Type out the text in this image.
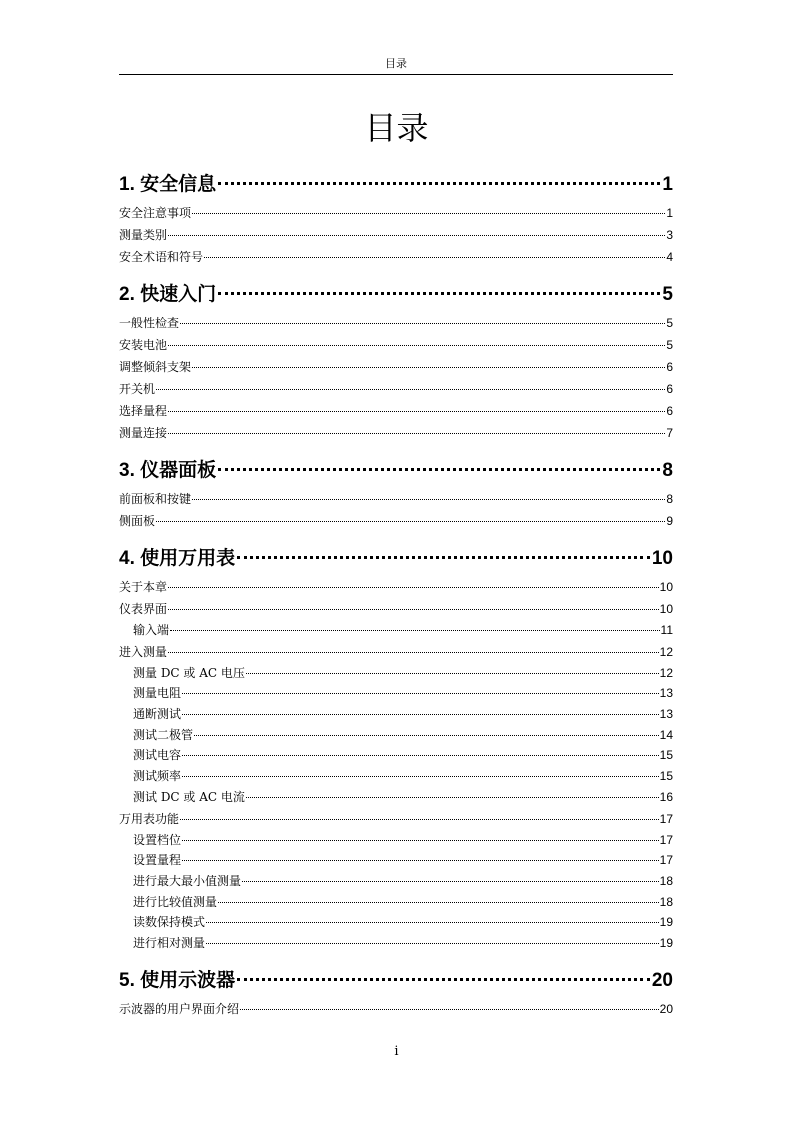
目录
目录
1. 安全信息	1
安全注意事项	1
测量类别	3
安全术语和符号	4
2. 快速入门	5
一般性检查	5
安装电池	5
调整倾斜支架	6
开关机	6
选择量程	6
测量连接	7
3. 仪器面板	8
前面板和按键	8
侧面板	9
4. 使用万用表	10
关于本章	10
仪表界面	10
输入端	11
进入测量	12
测量 DC 或 AC 电压	12
测量电阻	13
通断测试	13
测试二极管	14
测试电容	15
测试频率	15
测试 DC 或 AC 电流	16
万用表功能	17
设置档位	17
设置量程	17
进行最大最小值测量	18
进行比较值测量	18
读数保持模式	19
进行相对测量	19
5. 使用示波器	20
示波器的用户界面介绍	20
i
